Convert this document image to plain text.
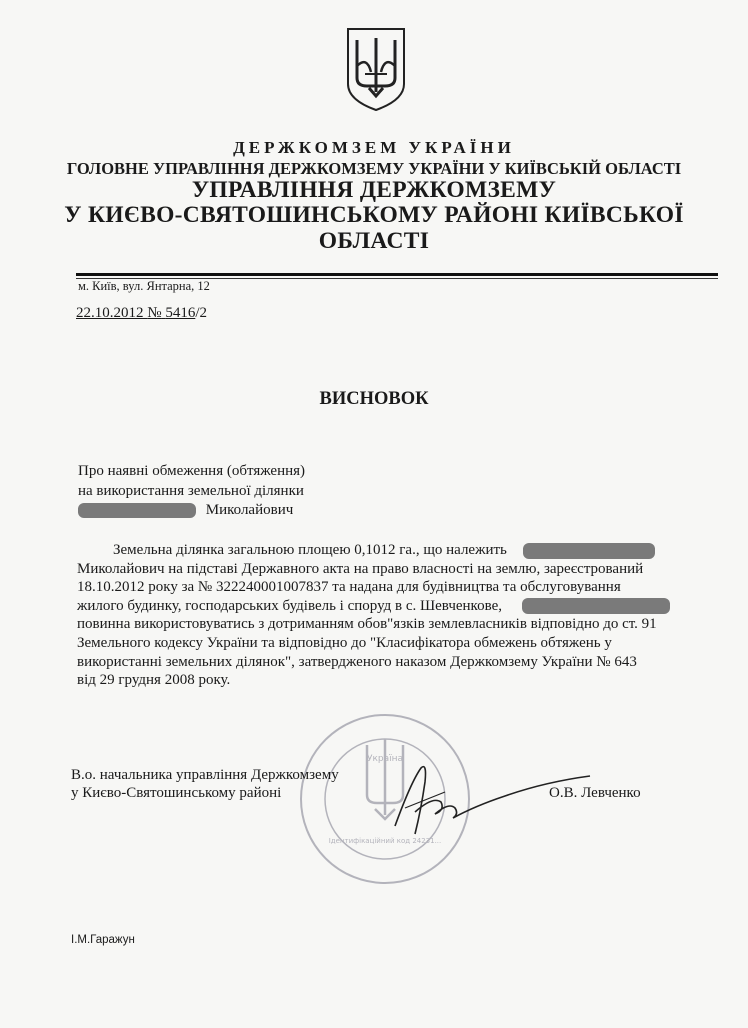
ДЕРЖКОМЗЕМ УКРАЇНИ
ГОЛОВНЕ УПРАВЛІННЯ ДЕРЖКОМЗЕМУ УКРАЇНИ У КИЇВСЬКІЙ ОБЛАСТІ
УПРАВЛІННЯ ДЕРЖКОМЗЕМУ
У КИЄВО-СВЯТОШИНСЬКОМУ РАЙОНІ КИЇВСЬКОЇ
ОБЛАСТІ
м. Київ, вул. Янтарна, 12
22.10.2012 № 5416/2
ВИСНОВОК
Про наявні обмеження (обтяження)
на використання земельної ділянки
Миколайович
Земельна ділянка загальною площею 0,1012 га., що належить
Миколайович на підставі Державного акта на право власності на землю, зареєстрований
18.10.2012 року за № 322240001007837 та надана для будівництва та обслуговування
жилого будинку, господарських будівель і споруд в с. Шевченкове,
повинна використовуватись з дотриманням обов"язків землевласників відповідно до ст. 91
Земельного кодексу України та відповідно до "Класифікатора обмежень обтяжень у
використанні земельних ділянок", затвердженого наказом Держкомзему України № 643
від 29 грудня 2008 року.
Україна
Ідентифікаційний код 24231...
В.о. начальника управління Держкомзему
у Києво-Святошинському районі	О.В. Левченко
І.М.Гаражун
